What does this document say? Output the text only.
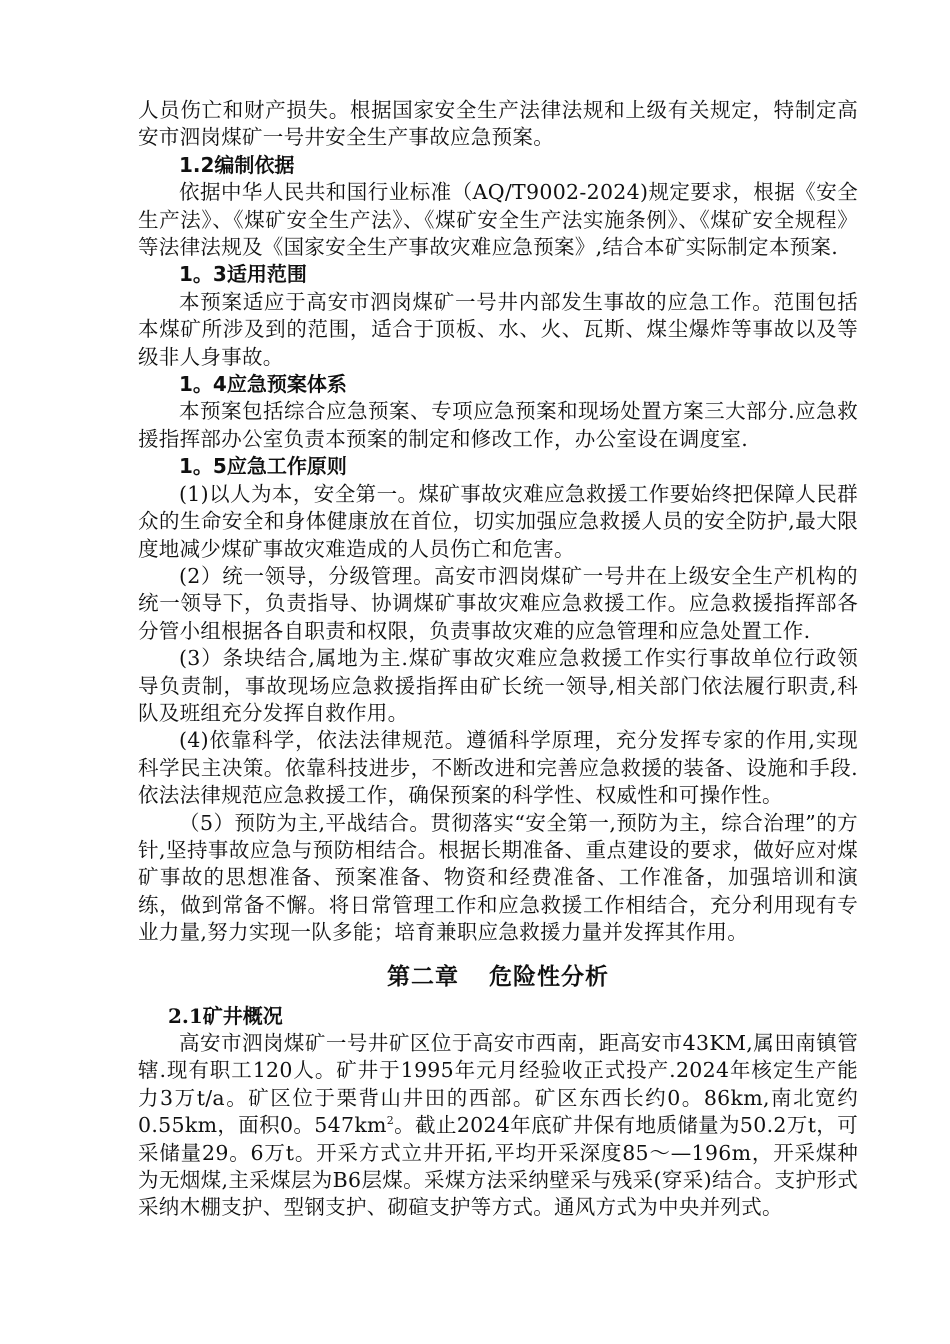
人员伤亡和财产损失。根据国家安全生产法律法规和上级有关规定，特制定高安市泗岗煤矿一号井安全生产事故应急预案。

1.2编制依据

依据中华人民共和国行业标准（AQ/T9002-2024)规定要求，根据《安全生产法》、《煤矿安全生产法》、《煤矿安全生产法实施条例》、《煤矿安全规程》等法律法规及《国家安全生产事故灾难应急预案》,结合本矿实际制定本预案.

1。3适用范围

本预案适应于高安市泗岗煤矿一号井内部发生事故的应急工作。范围包括本煤矿所涉及到的范围，适合于顶板、水、火、瓦斯、煤尘爆炸等事故以及等级非人身事故。

1。4应急预案体系

本预案包括综合应急预案、专项应急预案和现场处置方案三大部分.应急救援指挥部办公室负责本预案的制定和修改工作，办公室设在调度室.

1。5应急工作原则

(1)以人为本，安全第一。煤矿事故灾难应急救援工作要始终把保障人民群众的生命安全和身体健康放在首位，切实加强应急救援人员的安全防护,最大限度地减少煤矿事故灾难造成的人员伤亡和危害。

(2）统一领导，分级管理。高安市泗岗煤矿一号井在上级安全生产机构的统一领导下，负责指导、协调煤矿事故灾难应急救援工作。应急救援指挥部各分管小组根据各自职责和权限，负责事故灾难的应急管理和应急处置工作.

(3）条块结合,属地为主.煤矿事故灾难应急救援工作实行事故单位行政领导负责制，事故现场应急救援指挥由矿长统一领导,相关部门依法履行职责,科队及班组充分发挥自救作用。

(4)依靠科学，依法法律规范。遵循科学原理，充分发挥专家的作用,实现科学民主决策。依靠科技进步，不断改进和完善应急救援的装备、设施和手段.依法法律规范应急救援工作，确保预案的科学性、权威性和可操作性。

（5）预防为主,平战结合。贯彻落实“安全第一,预防为主，综合治理”的方针,坚持事故应急与预防相结合。根据长期准备、重点建设的要求，做好应对煤矿事故的思想准备、预案准备、物资和经费准备、工作准备，加强培训和演练，做到常备不懈。将日常管理工作和应急救援工作相结合，充分利用现有专业力量,努力实现一队多能；培育兼职应急救援力量并发挥其作用。

第二章 危险性分析

2.1矿井概况

高安市泗岗煤矿一号井矿区位于高安市西南，距高安市43KM,属田南镇管辖.现有职工120人。矿井于1995年元月经验收正式投产.2024年核定生产能力3万t/a。矿区位于栗背山井田的西部。矿区东西长约0。86km,南北宽约0.55km，面积0。$547km^2$。截止2024年底矿井保有地质储量为50.2万t，可采储量29。6万t。开采方式立井开拓,平均开采深度85～—196m，开采煤种为无烟煤,主采煤层为B6层煤。采煤方法采纳壁采与残采(穿采)结合。支护形式采纳木棚支护、型钢支护、砌碹支护等方式。通风方式为中央并列式。
